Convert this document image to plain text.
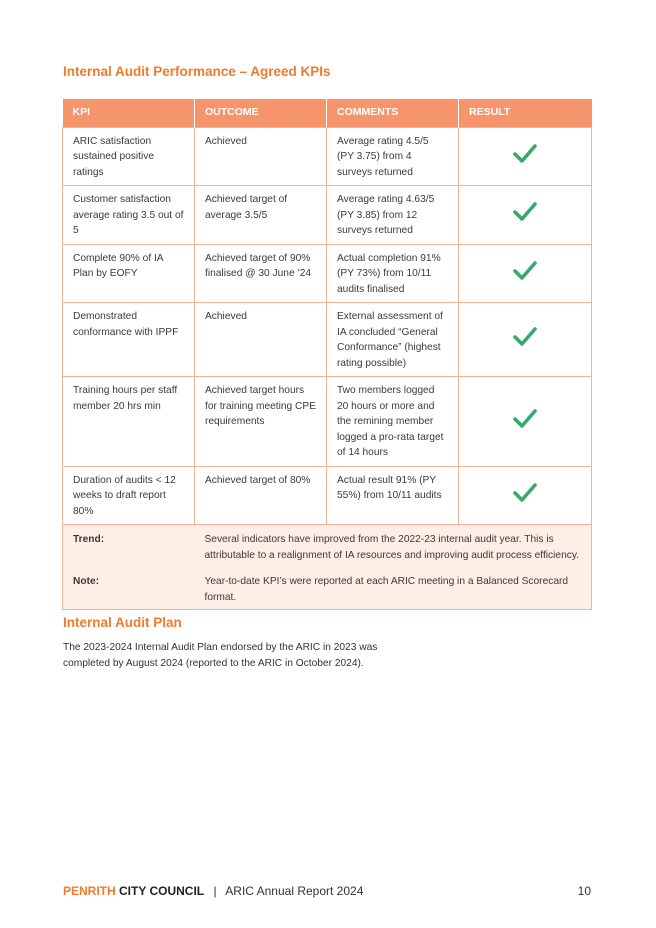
Internal Audit Performance – Agreed KPIs
KPI	OUTCOME	COMMENTS	RESULT
ARIC satisfaction sustained positive ratings	Achieved	Average rating 4.5/5 (PY 3.75) from 4 surveys returned	
Customer satisfaction average rating 3.5 out of 5	Achieved target of average 3.5/5	Average rating 4.63/5 (PY 3.85) from 12 surveys returned	
Complete 90% of IA Plan by EOFY	Achieved target of 90% finalised @ 30 June ’24	Actual completion 91% (PY 73%) from 10/11 audits finalised	
Demonstrated conformance with IPPF	Achieved	External assessment of IA concluded “General Conformance” (highest rating possible)	
Training hours per staff member 20 hrs min	Achieved target hours for training meeting CPE requirements	Two members logged 20 hours or more and the remining member logged a pro-rata target of 14 hours	
Duration of audits < 12 weeks to draft report 80%	Achieved target of 80%	Actual result 91% (PY 55%) from 10/11 audits	
Trend:	Several indicators have improved from the 2022-23 internal audit year. This is attributable to a realignment of IA resources and improving audit process efficiency.		
Note:	Year-to-date KPI’s were reported at each ARIC meeting in a Balanced Scorecard format.		
Internal Audit Plan

The 2023-2024 Internal Audit Plan endorsed by the ARIC in 2023 was completed by August 2024 (reported to the ARIC in October 2024).

PENRITH CITY COUNCIL | ARIC Annual Report 2024	10
